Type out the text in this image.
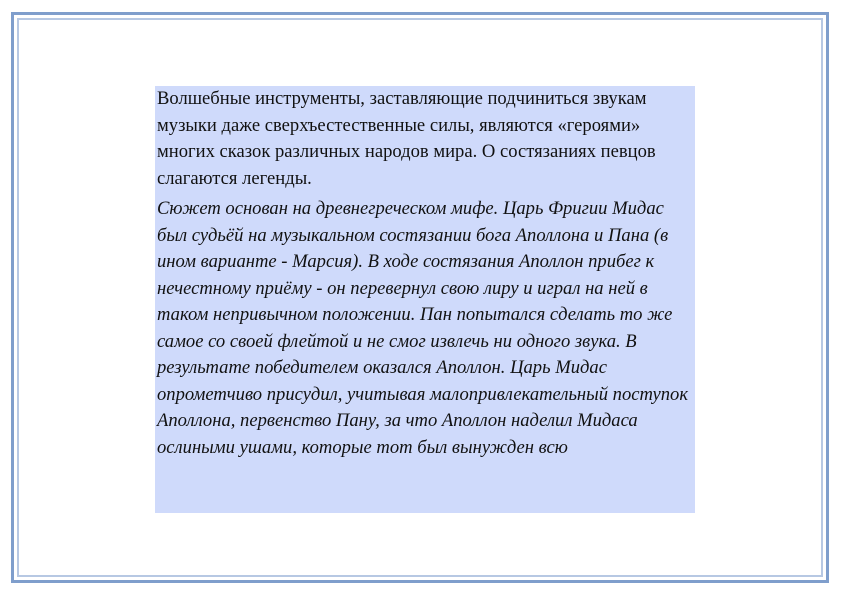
Волшебные инструменты, заставляющие подчиниться звукам музыки даже сверхъестественные силы, являются «героями» многих сказок различных народов мира. О состязаниях певцов слагаются легенды.

Сюжет основан на древнегреческом мифе. Царь Фригии Мидас был судьёй на музыкальном состязании бога Аполлона и Пана (в ином варианте - Марсия). В ходе состязания Аполлон прибег к нечестному приёму - он перевернул свою лиру и играл на ней в таком непривычном положении. Пан попытался сделать то же самое со своей флейтой и не смог извлечь ни одного звука. В результате победителем оказался Аполлон. Царь Мидас опрометчиво присудил, учитывая малопривлекательный поступок Аполлона, первенство Пану, за что Аполлон наделил Мидаса ослиными ушами, которые тот был вынужден всю
